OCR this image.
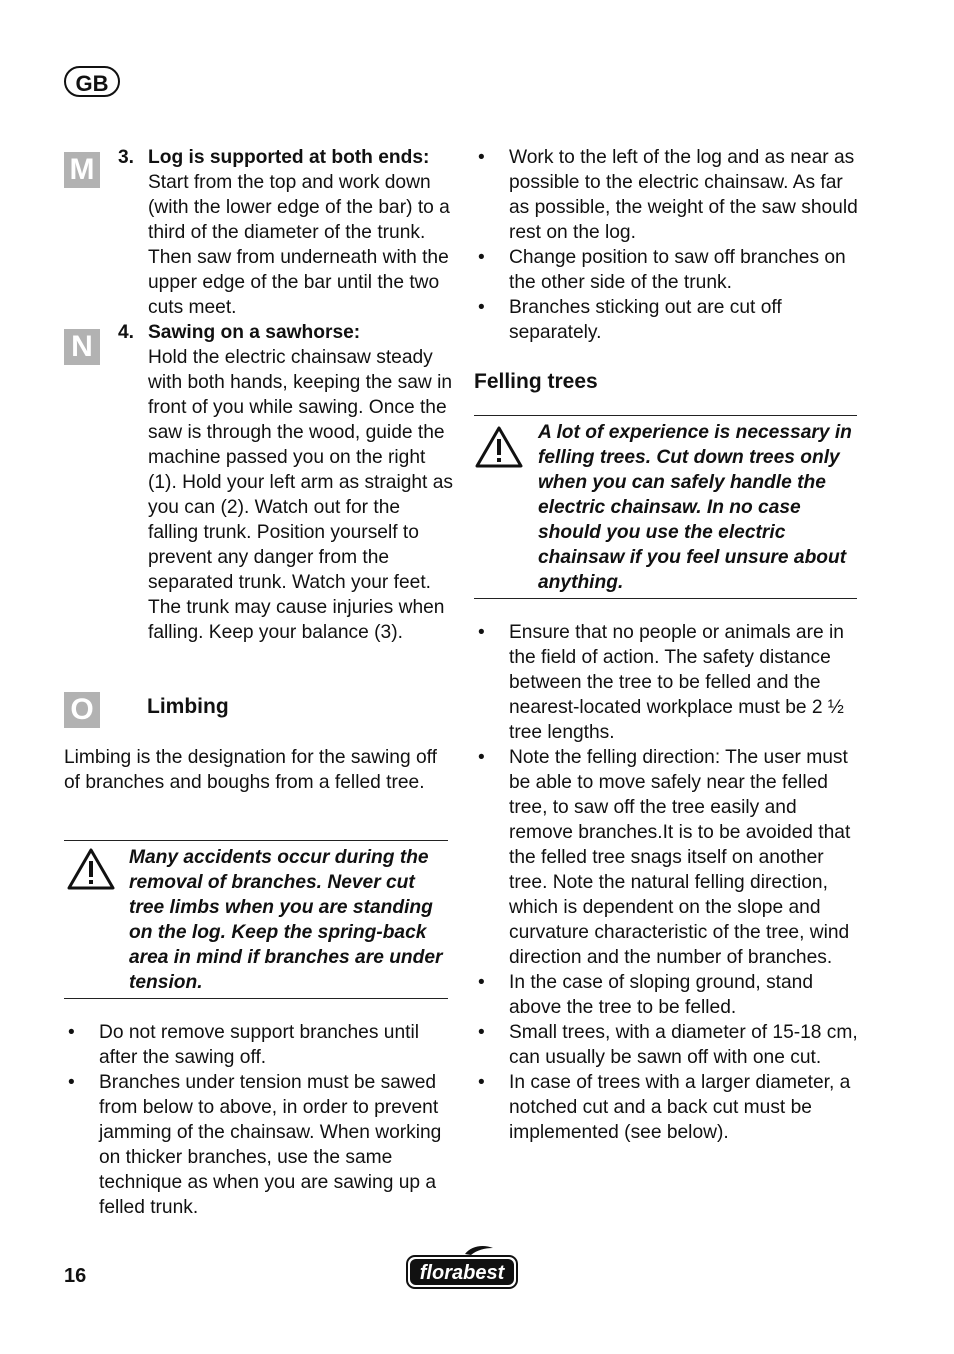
GB
M
N
O
3. Log is supported at both ends:
Start from the top and work down (with the lower edge of the bar) to a third of the diameter of the trunk. Then saw from underneath with the upper edge of the bar until the two cuts meet.
4. Sawing on a sawhorse:
Hold the electric chainsaw steady with both hands, keeping the saw in front of you while sawing. Once the saw is through the wood, guide the machine passed you on the right (1). Hold your left arm as straight as you can (2). Watch out for the falling trunk. Position yourself to prevent any danger from the separated trunk. Watch your feet. The trunk may cause injuries when falling. Keep your balance (3).
Limbing
Limbing is the designation for the sawing off of branches and boughs from a felled tree.
Many accidents occur during the removal of branches. Never cut tree limbs when you are standing on the log. Keep the spring-back area in mind if branches are under tension.
• Do not remove support branches until after the sawing off.
• Branches under tension must be sawed from below to above, in order to prevent jamming of the chainsaw. When working on thicker branches, use the same technique as when you are sawing up a felled trunk.
• Work to the left of the log and as near as possible to the electric chainsaw. As far as possible, the weight of the saw should rest on the log.
• Change position to saw off branches on the other side of the trunk.
• Branches sticking out are cut off separately.
Felling trees
A lot of experience is necessary in felling trees. Cut down trees only when you can safely handle the electric chainsaw. In no case should you use the electric chainsaw if you feel unsure about anything.
• Ensure that no people or animals are in the field of action. The safety distance between the tree to be felled and the nearest-located workplace must be 2 ½ tree lengths.
• Note the felling direction: The user must be able to move safely near the felled tree, to saw off the tree easily and remove branches.It is to be avoided that the felled tree snags itself on another tree. Note the natural felling direction, which is dependent on the slope and curvature characteristic of the tree, wind direction and the number of branches.
• In the case of sloping ground, stand above the tree to be felled.
• Small trees, with a diameter of 15-18 cm, can usually be sawn off with one cut.
• In case of trees with a larger diameter, a notched cut and a back cut must be implemented (see below).
16	florabest
